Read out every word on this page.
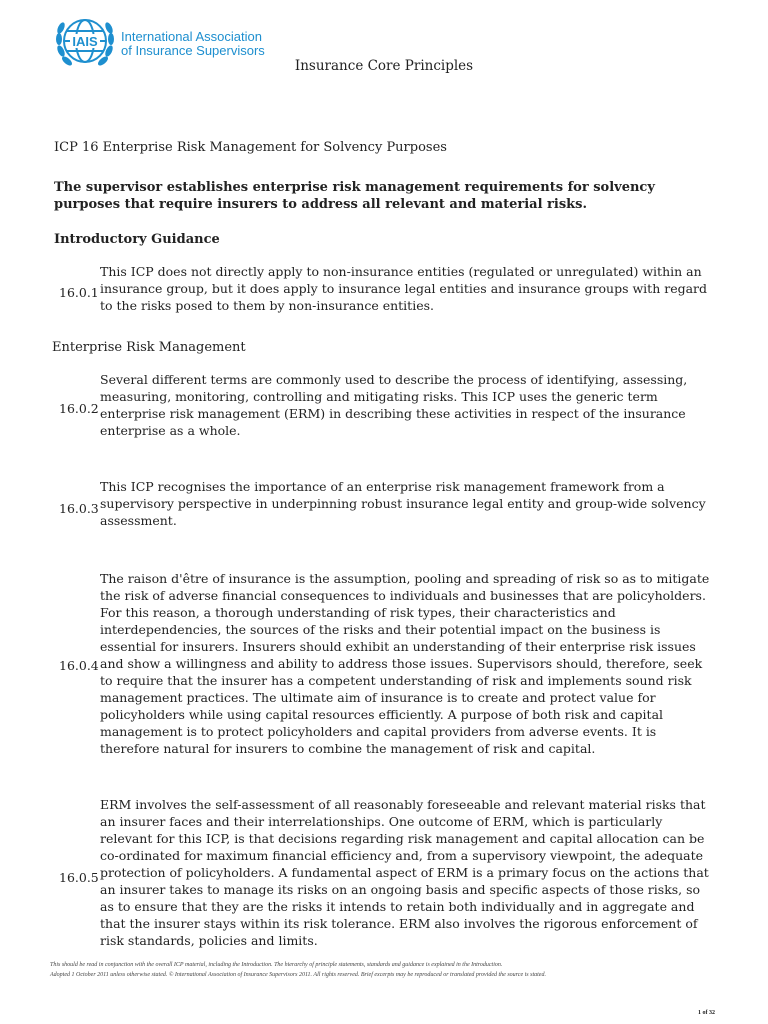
IAIS International Association
of Insurance Supervisors
Insurance Core Principles
ICP 16 Enterprise Risk Management for Solvency Purposes
The supervisor establishes enterprise risk management requirements for solvency purposes that require insurers to address all relevant and material risks.
Introductory Guidance
16.0.1
This ICP does not directly apply to non-insurance entities (regulated or unregulated) within an insurance group, but it does apply to insurance legal entities and insurance groups with regard to the risks posed to them by non-insurance entities.
Enterprise Risk Management
16.0.2
Several different terms are commonly used to describe the process of identifying, assessing, measuring, monitoring, controlling and mitigating risks. This ICP uses the generic term enterprise risk management (ERM) in describing these activities in respect of the insurance enterprise as a whole.
16.0.3
This ICP recognises the importance of an enterprise risk management framework from a supervisory perspective in underpinning robust insurance legal entity and group-wide solvency assessment.
16.0.4
The raison d'être of insurance is the assumption, pooling and spreading of risk so as to mitigate the risk of adverse financial consequences to individuals and businesses that are policyholders. For this reason, a thorough understanding of risk types, their characteristics and interdependencies, the sources of the risks and their potential impact on the business is essential for insurers. Insurers should exhibit an understanding of their enterprise risk issues and show a willingness and ability to address those issues. Supervisors should, therefore, seek to require that the insurer has a competent understanding of risk and implements sound risk management practices. The ultimate aim of insurance is to create and protect value for policyholders while using capital resources efficiently. A purpose of both risk and capital management is to protect policyholders and capital providers from adverse events. It is therefore natural for insurers to combine the management of risk and capital.
16.0.5
ERM involves the self-assessment of all reasonably foreseeable and relevant material risks that an insurer faces and their interrelationships. One outcome of ERM, which is particularly relevant for this ICP, is that decisions regarding risk management and capital allocation can be co-ordinated for maximum financial efficiency and, from a supervisory viewpoint, the adequate protection of policyholders. A fundamental aspect of ERM is a primary focus on the actions that an insurer takes to manage its risks on an ongoing basis and specific aspects of those risks, so as to ensure that they are the risks it intends to retain both individually and in aggregate and that the insurer stays within its risk tolerance. ERM also involves the rigorous enforcement of risk standards, policies and limits.
This should be read in conjunction with the overall ICP material, including the Introduction. The hierarchy of principle statements, standards and guidance is explained in the Introduction.
Adopted 1 October 2011 unless otherwise stated. © International Association of Insurance Supervisors 2011. All rights reserved. Brief excerpts may be reproduced or translated provided the source is stated.
1 of 32
